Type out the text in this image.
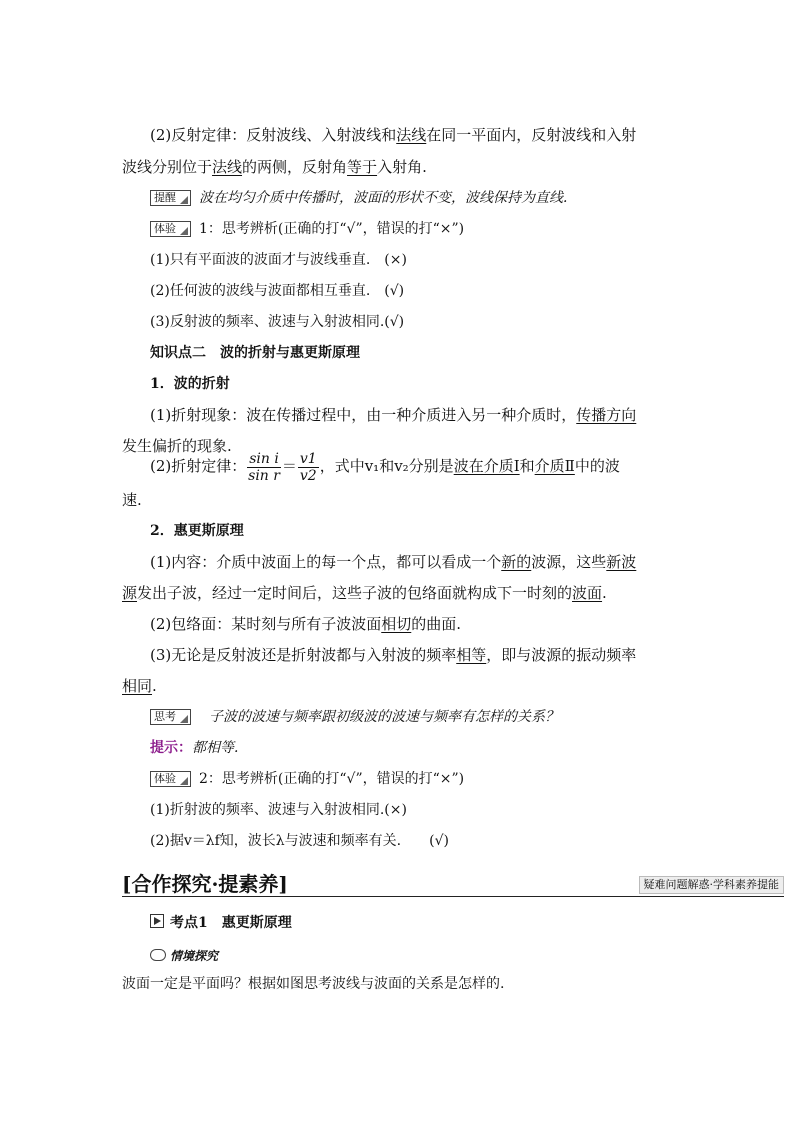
(2)反射定律：反射波线、入射波线和法线在同一平面内，反射波线和入射
波线分别位于法线的两侧，反射角等于入射角.
提醒 波在均匀介质中传播时，波面的形状不变，波线保持为直线.
体验 1：思考辨析(正确的打“√”，错误的打“×”)
(1)只有平面波的波面才与波线垂直.　(×)
(2)任何波的波线与波面都相互垂直.　(√)
(3)反射波的频率、波速与入射波相同.(√)
知识点二　波的折射与惠更斯原理
1．波的折射
(1)折射现象：波在传播过程中，由一种介质进入另一种介质时，传播方向
发生偏折的现象.
(2)折射定律： $\frac{\text{sin i}}{\text{sin r}} = \frac{v1}{v2}$ ，式中v₁和v₂分别是波在介质Ⅰ和介质Ⅱ中的波
速.
2．惠更斯原理
(1)内容：介质中波面上的每一个点，都可以看成一个新的波源，这些新波
源发出子波，经过一定时间后，这些子波的包络面就构成下一时刻的波面.
(2)包络面：某时刻与所有子波波面相切的曲面.
(3)无论是反射波还是折射波都与入射波的频率相等，即与波源的振动频率
相同.
思考 子波的波速与频率跟初级波的波速与频率有怎样的关系？
提示：都相等.
体验 2：思考辨析(正确的打“√”，错误的打“×”)
(1)折射波的频率、波速与入射波相同.(×)
(2)据v＝λf知，波长λ与波速和频率有关.　　(√)
[合作探究·提素养]	疑难问题解惑·学科素养提能
考点1　惠更斯原理
情境探究
波面一定是平面吗？根据如图思考波线与波面的关系是怎样的.
